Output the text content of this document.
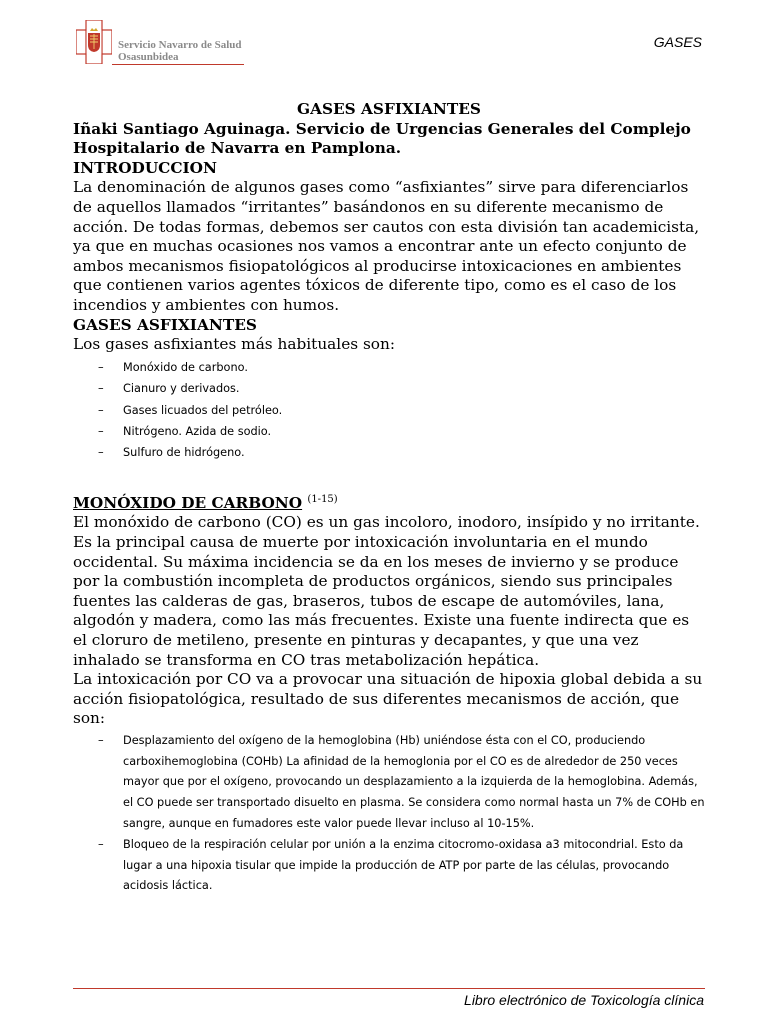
Servicio Navarro de Salud
Osasunbidea
GASES

GASES ASFIXIANTES

Iñaki Santiago Aguinaga. Servicio de Urgencias Generales del Complejo Hospitalario de Navarra en Pamplona.

INTRODUCCION

La denominación de algunos gases como “asfixiantes” sirve para diferenciarlos de aquellos llamados “irritantes” basándonos en su diferente mecanismo de acción. De todas formas, debemos ser cautos con esta división tan academicista, ya que en muchas ocasiones nos vamos a encontrar ante un efecto conjunto de ambos mecanismos fisiopatológicos al producirse intoxicaciones en ambientes que contienen varios agentes tóxicos de diferente tipo, como es el caso de los incendios y ambientes con humos.

GASES ASFIXIANTES

Los gases asfixiantes más habituales son:

– Monóxido de carbono.
– Cianuro y derivados.
– Gases licuados del petróleo.
– Nitrógeno. Azida de sodio.
– Sulfuro de hidrógeno.

MONÓXIDO DE CARBONO $^{(1-15)}$

El monóxido de carbono (CO) es un gas incoloro, inodoro, insípido y no irritante. Es la principal causa de muerte por intoxicación involuntaria en el mundo occidental. Su máxima incidencia se da en los meses de invierno y se produce por la combustión incompleta de productos orgánicos, siendo sus principales fuentes las calderas de gas, braseros, tubos de escape de automóviles, lana, algodón y madera, como las más frecuentes. Existe una fuente indirecta que es el cloruro de metileno, presente en pinturas y decapantes, y que una vez inhalado se transforma en CO tras metabolización hepática.

La intoxicación por CO va a provocar una situación de hipoxia global debida a su acción fisiopatológica, resultado de sus diferentes mecanismos de acción, que son:

– Desplazamiento del oxígeno de la hemoglobina (Hb) uniéndose ésta con el CO, produciendo carboxihemoglobina (COHb) La afinidad de la hemoglonia por el CO es de alrededor de 250 veces mayor que por el oxígeno, provocando un desplazamiento a la izquierda de la hemoglobina. Además, el CO puede ser transportado disuelto en plasma. Se considera como normal hasta un 7% de COHb en sangre, aunque en fumadores este valor puede llevar incluso al 10-15%.
– Bloqueo de la respiración celular por unión a la enzima citocromo-oxidasa a3 mitocondrial. Esto da lugar a una hipoxia tisular que impide la producción de ATP por parte de las células, provocando acidosis láctica.
Libro electrónico de Toxicología clínica
